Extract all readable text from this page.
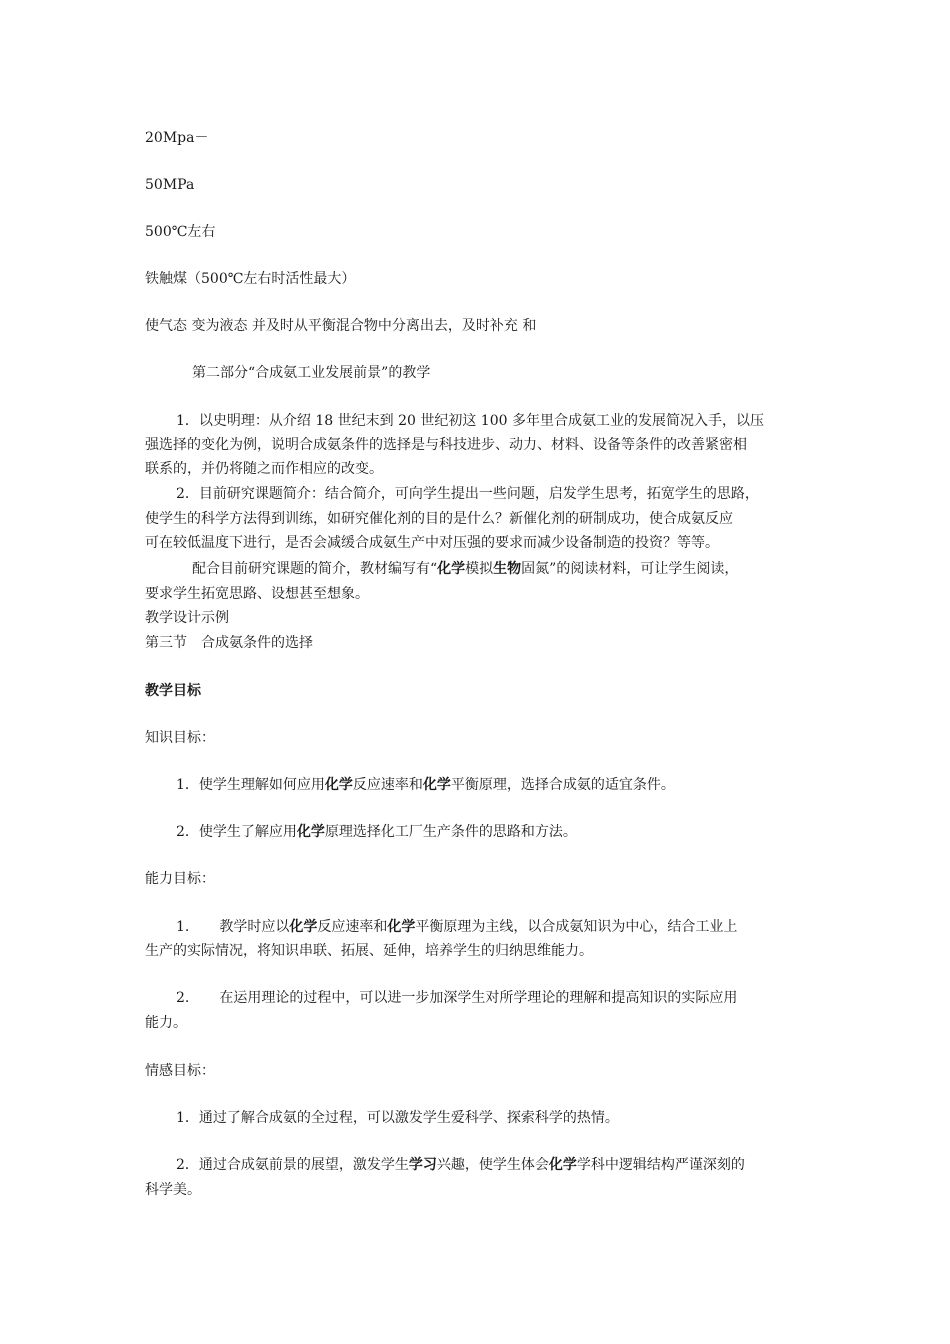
20Mpa－
50MPa
500℃左右
铁触煤（500℃左右时活性最大）
使气态 变为液态 并及时从平衡混合物中分离出去，及时补充 和
第二部分“合成氨工业发展前景”的教学
1．以史明理：从介绍 18 世纪末到 20 世纪初这 100 多年里合成氨工业的发展简况入手，以压
强选择的变化为例，说明合成氨条件的选择是与科技进步、动力、材料、设备等条件的改善紧密相
联系的，并仍将随之而作相应的改变。
2．目前研究课题简介：结合简介，可向学生提出一些问题，启发学生思考，拓宽学生的思路，
使学生的科学方法得到训练，如研究催化剂的目的是什么？新催化剂的研制成功，使合成氨反应
可在较低温度下进行，是否会减缓合成氨生产中对压强的要求而减少设备制造的投资？等等。
配合目前研究课题的简介，教材编写有“化学模拟生物固氮”的阅读材料，可让学生阅读，
要求学生拓宽思路、设想甚至想象。
教学设计示例
第三节　合成氨条件的选择
教学目标
知识目标：
1．使学生理解如何应用化学反应速率和化学平衡原理，选择合成氨的适宜条件。
2．使学生了解应用化学原理选择化工厂生产条件的思路和方法。
能力目标：
1. 教学时应以化学反应速率和化学平衡原理为主线，以合成氨知识为中心，结合工业上
生产的实际情况，将知识串联、拓展、延伸，培养学生的归纳思维能力。
2. 在运用理论的过程中，可以进一步加深学生对所学理论的理解和提高知识的实际应用
能力。
情感目标：
1．通过了解合成氨的全过程，可以激发学生爱科学、探索科学的热情。
2．通过合成氨前景的展望，激发学生学习兴趣，使学生体会化学学科中逻辑结构严谨深刻的
科学美。
